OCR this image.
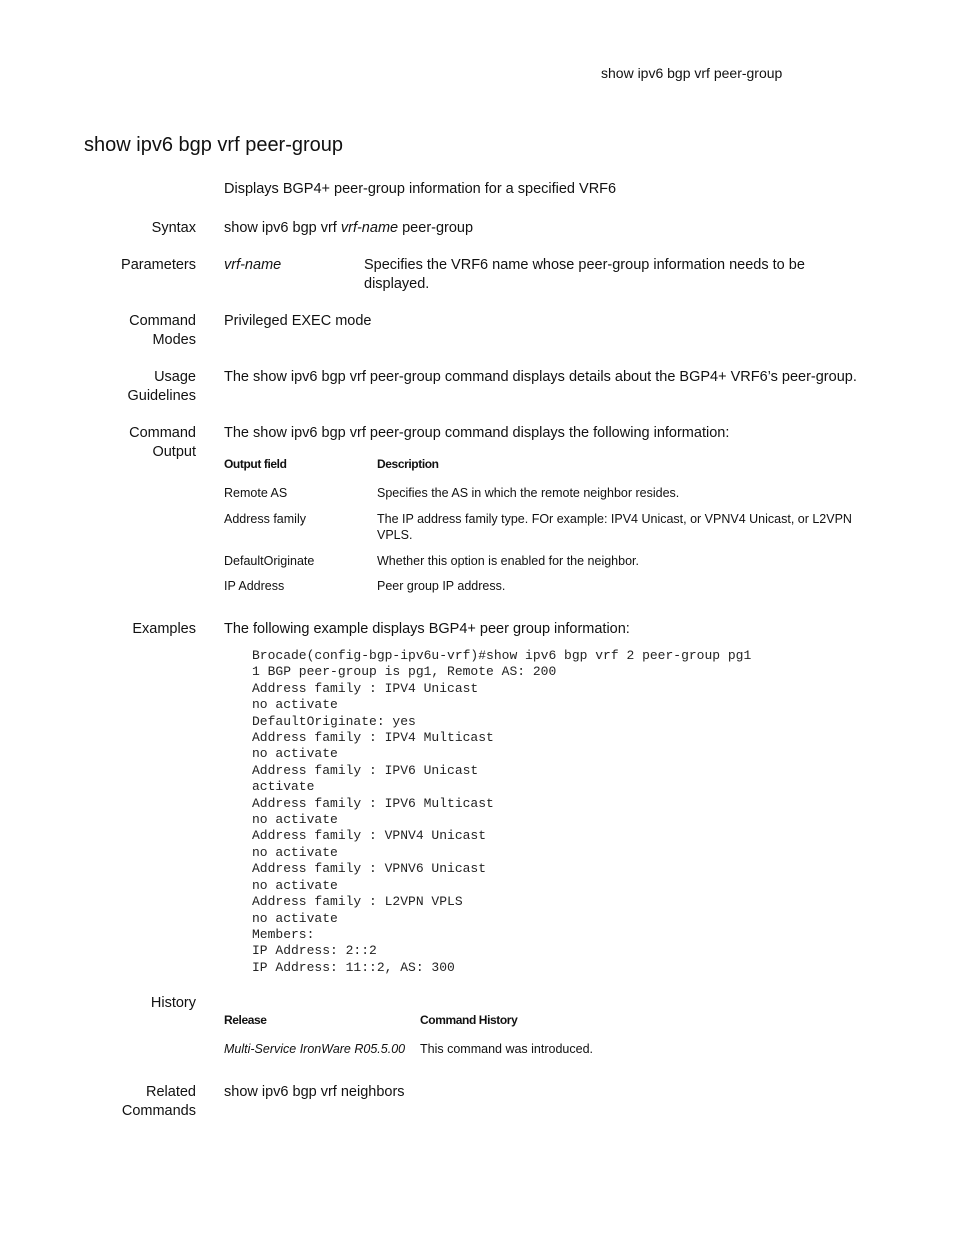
show ipv6 bgp vrf peer-group
show ipv6 bgp vrf peer-group
Displays BGP4+ peer-group information for a specified VRF6
Syntax show ipv6 bgp vrf vrf-name peer-group
Parameters vrf-name	Specifies the VRF6 name whose peer-group information needs to be
displayed.
Command
Modes
Privileged EXEC mode
Usage
Guidelines
The show ipv6 bgp vrf peer-group command displays details about the BGP4+ VRF6’s peer-group.
Command
Output
The show ipv6 bgp vrf peer-group command displays the following information:
Output field	Description
Remote AS	Specifies the AS in which the remote neighbor resides.
Address family	The IP address family type. FOr example: IPV4 Unicast, or VPNV4 Unicast, or L2VPN
VPLS.
DefaultOriginate	Whether this option is enabled for the neighbor.
IP Address	Peer group IP address.
Examples The following example displays BGP4+ peer group information:
Brocade(config-bgp-ipv6u-vrf)#show ipv6 bgp vrf 2 peer-group pg1
1 BGP peer-group is pg1, Remote AS: 200
Address family : IPV4 Unicast
no activate
DefaultOriginate: yes
Address family : IPV4 Multicast
no activate
Address family : IPV6 Unicast
activate
Address family : IPV6 Multicast
no activate
Address family : VPNV4 Unicast
no activate
Address family : VPNV6 Unicast
no activate
Address family : L2VPN VPLS
no activate
Members:
IP Address: 2::2
IP Address: 11::2, AS: 300
History
Release	Command History
Multi-Service IronWare R05.5.00 This command was introduced.
Related
Commands
show ipv6 bgp vrf neighbors
